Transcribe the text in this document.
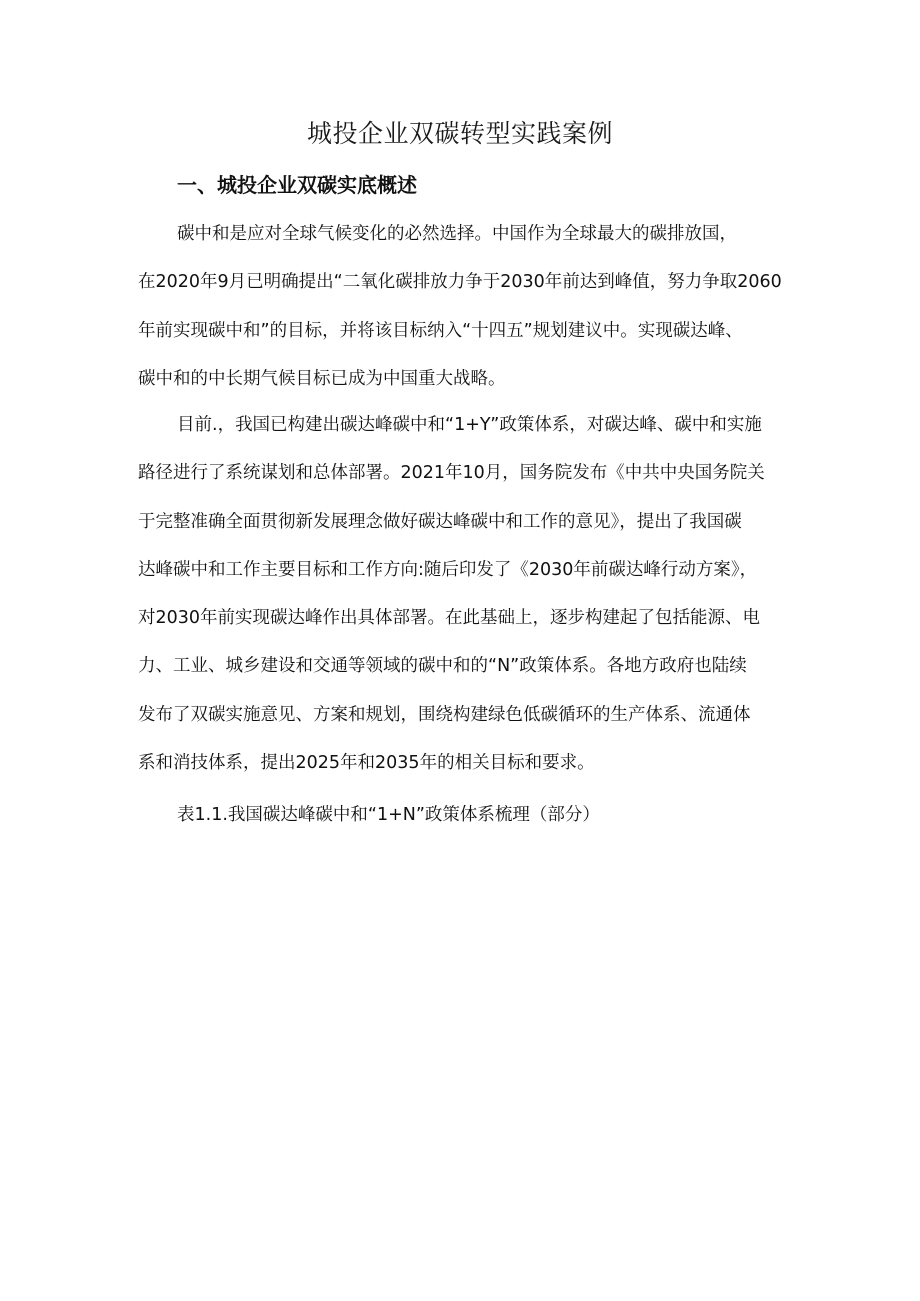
城投企业双碳转型实践案例
一、城投企业双碳实底概述

碳中和是应对全球气候变化的必然选择。中国作为全球最大的碳排放国，
在2020年9月已明确提出“二氧化碳排放力争于2030年前达到峰值，努力争取2060
年前实现碳中和”的目标，并将该目标纳入“十四五”规划建议中。实现碳达峰、
碳中和的中长期气候目标已成为中国重大战略。

目前.，我国已构建出碳达峰碳中和“1+Y”政策体系，对碳达峰、碳中和实施
路径进行了系统谋划和总体部署。2021年10月，国务院发布《中共中央国务院关
于完整准确全面贯彻新发展理念做好碳达峰碳中和工作的意见》，提出了我国碳
达峰碳中和工作主要目标和工作方向:随后印发了《2030年前碳达峰行动方案》，
对2030年前实现碳达峰作出具体部署。在此基础上，逐步构建起了包括能源、电
力、工业、城乡建设和交通等领域的碳中和的“N”政策体系。各地方政府也陆续
发布了双碳实施意见、方案和规划，围绕构建绿色低碳循环的生产体系、流通体
系和消技体系，提出2025年和2035年的相关目标和要求。

表1.1.我国碳达峰碳中和“1+N”政策体系梳理（部分）
